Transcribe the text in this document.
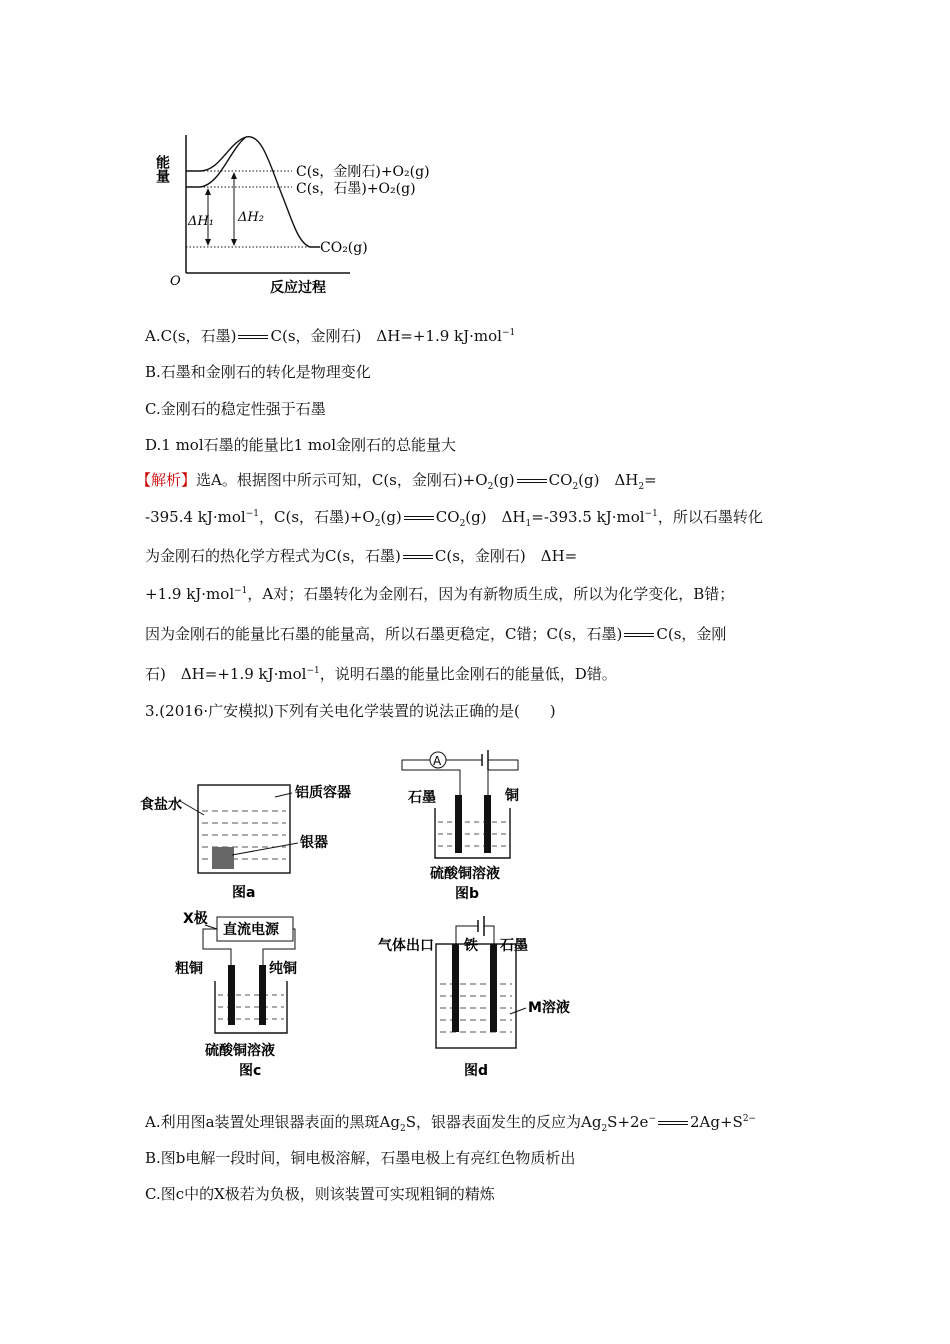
能量
O	反应过程
ΔH₁ ΔH₂
C(s，金刚石)+O₂(g)
C(s，石墨)+O₂(g)
CO₂(g)
A.C(s，石墨) C(s，金刚石)　ΔH=+1.9 kJ·mol$^{-1}$
B.石墨和金刚石的转化是物理变化
C.金刚石的稳定性强于石墨
D.1 mol石墨的能量比1 mol金刚石的总能量大
【解析】选A。根据图中所示可知，C(s，金刚石)$+O_2(g)$ $CO_2(g)$　$\Delta H_2=$
-395.4 kJ·mol$^{-1}$，C(s，石墨)$+O_2(g)$ $CO_2(g)$　$\Delta H_1=-393.5$ kJ·mol$^{-1}$，所以石墨转化
为金刚石的热化学方程式为C(s，石墨) C(s，金刚石)　ΔH=
+1.9 kJ·mol$^{-1}$，A对；石墨转化为金刚石，因为有新物质生成，所以为化学变化，B错；
因为金刚石的能量比石墨的能量高，所以石墨更稳定，C错；C(s，石墨) C(s，金刚
石)　ΔH=+1.9 kJ·mol$^{-1}$，说明石墨的能量比金刚石的能量低，D错。
3.(2016·广安模拟)下列有关电化学装置的说法正确的是(　　)
食盐水
铝质容器
银器
图a
A
石墨	铜
硫酸铜溶液
图b
X极
直流电源
粗铜	纯铜
硫酸铜溶液
图c
气体出口 铁 石墨
M溶液
图d
A.利用图a装置处理银器表面的黑斑$Ag_2S$，银器表面发生的反应为$Ag_2S+2e^-$ $2Ag+S^{2-}$
B.图b电解一段时间，铜电极溶解，石墨电极上有亮红色物质析出
C.图c中的X极若为负极，则该装置可实现粗铜的精炼
